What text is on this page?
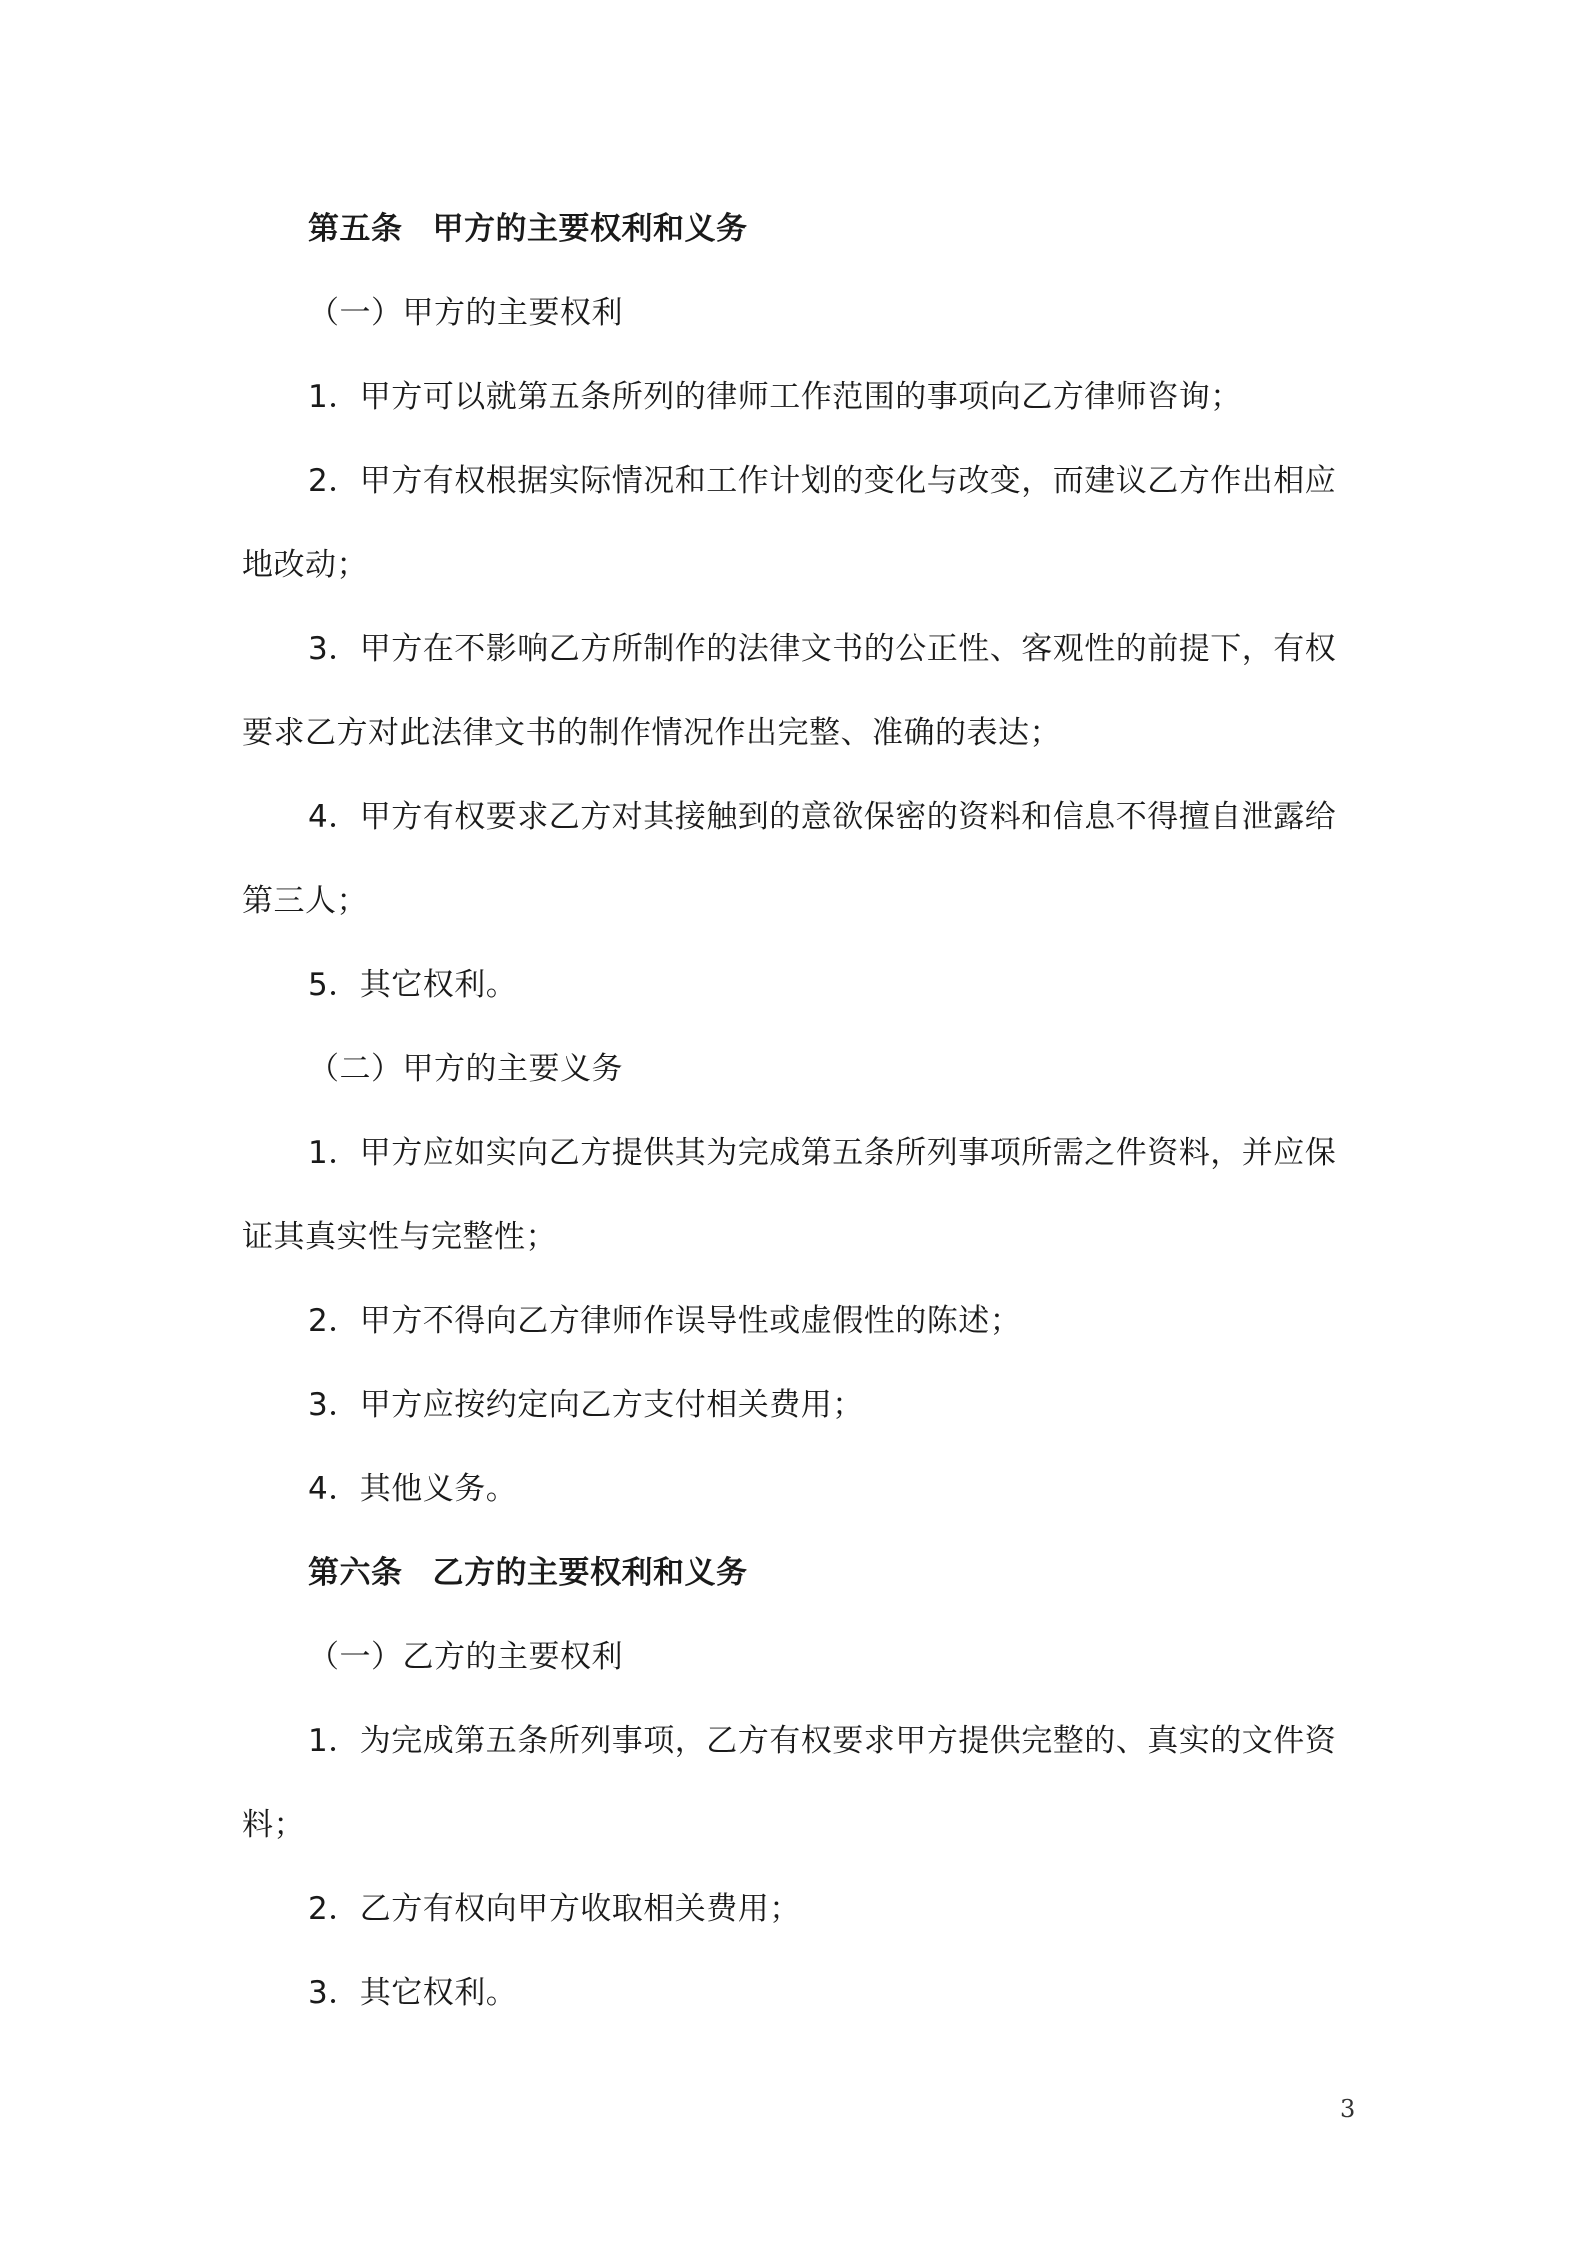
第五条 甲方的主要权利和义务
（一）甲方的主要权利
1．甲方可以就第五条所列的律师工作范围的事项向乙方律师咨询；
2．甲方有权根据实际情况和工作计划的变化与改变，而建议乙方作出相应
地改动；
3．甲方在不影响乙方所制作的法律文书的公正性、客观性的前提下，有权
要求乙方对此法律文书的制作情况作出完整、准确的表达；
4．甲方有权要求乙方对其接触到的意欲保密的资料和信息不得擅自泄露给
第三人；
5．其它权利。
（二）甲方的主要义务
1．甲方应如实向乙方提供其为完成第五条所列事项所需之件资料，并应保
证其真实性与完整性；
2．甲方不得向乙方律师作误导性或虚假性的陈述；
3．甲方应按约定向乙方支付相关费用；
4．其他义务。
第六条 乙方的主要权利和义务
（一）乙方的主要权利
1．为完成第五条所列事项，乙方有权要求甲方提供完整的、真实的文件资
料；
2．乙方有权向甲方收取相关费用；
3．其它权利。
3
